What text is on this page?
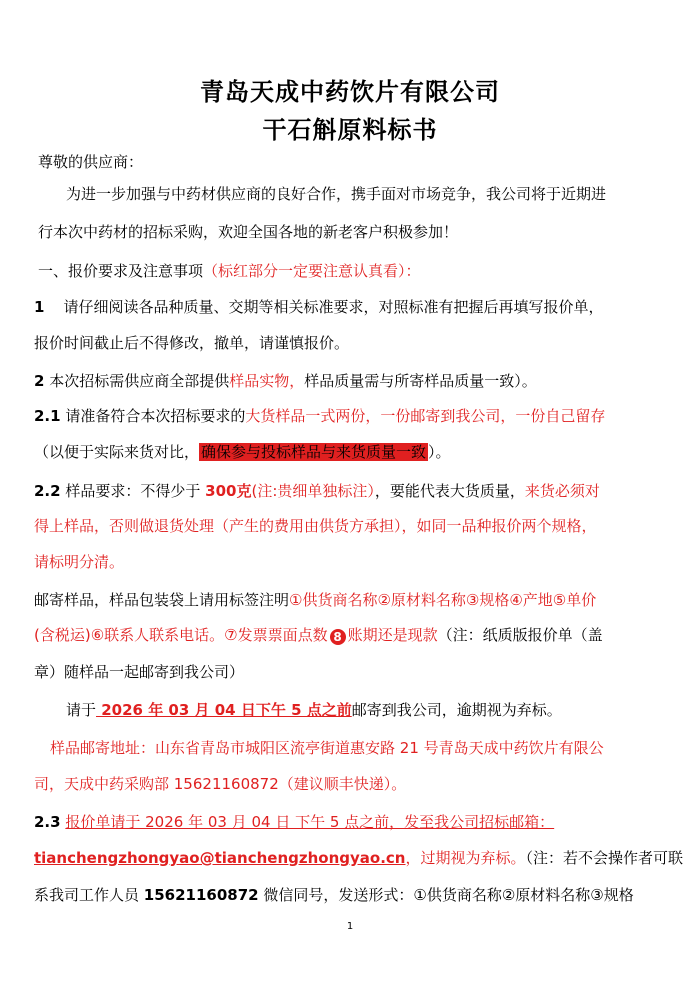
青岛天成中药饮片有限公司
干石斛原料标书
尊敬的供应商：
为进一步加强与中药材供应商的良好合作，携手面对市场竞争，我公司将于近期进
行本次中药材的招标采购，欢迎全国各地的新老客户积极参加！
一、报价要求及注意事项（标红部分一定要注意认真看）：
1 请仔细阅读各品种质量、交期等相关标准要求，对照标准有把握后再填写报价单，
报价时间截止后不得修改，撤单，请谨慎报价。
2 本次招标需供应商全部提供样品实物，样品质量需与所寄样品质量一致）。
2.1 请准备符合本次招标要求的大货样品一式两份，一份邮寄到我公司，一份自己留存
（以便于实际来货对比， 确保参与投标样品与来货质量一致 ）。
2.2 样品要求：不得少于 300克(注:贵细单独标注），要能代表大货质量，来货必须对
得上样品，否则做退货处理（产生的费用由供货方承担），如同一品种报价两个规格，
请标明分清。
邮寄样品，样品包装袋上请用标签注明①供货商名称②原材料名称③规格④产地⑤单价
(含税运)⑥联系人联系电话。⑦发票票面点数 8 账期还是现款（注：纸质版报价单（盖
章）随样品一起邮寄到我公司）
请于 2026 年 03 月 04 日下午 5 点之前邮寄到我公司，逾期视为弃标。
样品邮寄地址：山东省青岛市城阳区流亭街道惠安路 21 号青岛天成中药饮片有限公
司，天成中药采购部 15621160872（建议顺丰快递）。
2.3 报价单请于 2026 年 03 月 04 日 下午 5 点之前，发至我公司招标邮箱：
tianchengzhongyao@tianchengzhongyao.cn，过期视为弃标。（注：若不会操作者可联
系我司工作人员 15621160872 微信同号，发送形式：①供货商名称②原材料名称③规格
1
